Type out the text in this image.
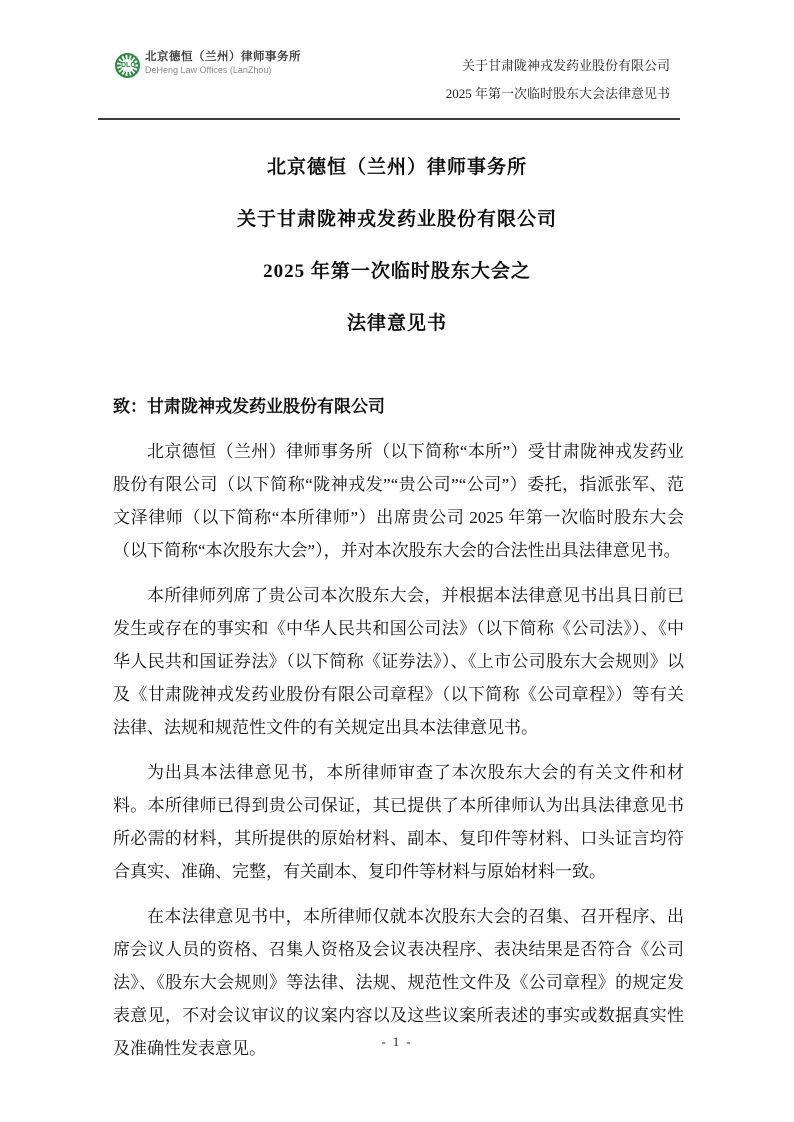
DLO
北京德恒（兰州）律师事务所
DeHeng Law Offices (LanZhou)	关于甘肃陇神戎发药业股份有限公司
2025 年第一次临时股东大会法律意见书
北京德恒（兰州）律师事务所
关于甘肃陇神戎发药业股份有限公司
2025 年第一次临时股东大会之
法律意见书

致：甘肃陇神戎发药业股份有限公司

北京德恒（兰州）律师事务所（以下简称“本所”）受甘肃陇神戎发药业股份有限公司（以下简称“陇神戎发”“贵公司”“公司”）委托，指派张军、范文泽律师（以下简称“本所律师”）出席贵公司 2025 年第一次临时股东大会（以下简称“本次股东大会”），并对本次股东大会的合法性出具法律意见书。

本所律师列席了贵公司本次股东大会，并根据本法律意见书出具日前已发生或存在的事实和《中华人民共和国公司法》（以下简称《公司法》）、《中华人民共和国证券法》（以下简称《证券法》）、《上市公司股东大会规则》以及《甘肃陇神戎发药业股份有限公司章程》（以下简称《公司章程》）等有关法律、法规和规范性文件的有关规定出具本法律意见书。

为出具本法律意见书，本所律师审查了本次股东大会的有关文件和材料。本所律师已得到贵公司保证，其已提供了本所律师认为出具法律意见书所必需的材料，其所提供的原始材料、副本、复印件等材料、口头证言均符合真实、准确、完整，有关副本、复印件等材料与原始材料一致。

在本法律意见书中，本所律师仅就本次股东大会的召集、召开程序、出席会议人员的资格、召集人资格及会议表决程序、表决结果是否符合《公司法》、《股东大会规则》等法律、法规、规范性文件及《公司章程》的规定发表意见，不对会议审议的议案内容以及这些议案所表述的事实或数据真实性及准确性发表意见。	- 1 -
